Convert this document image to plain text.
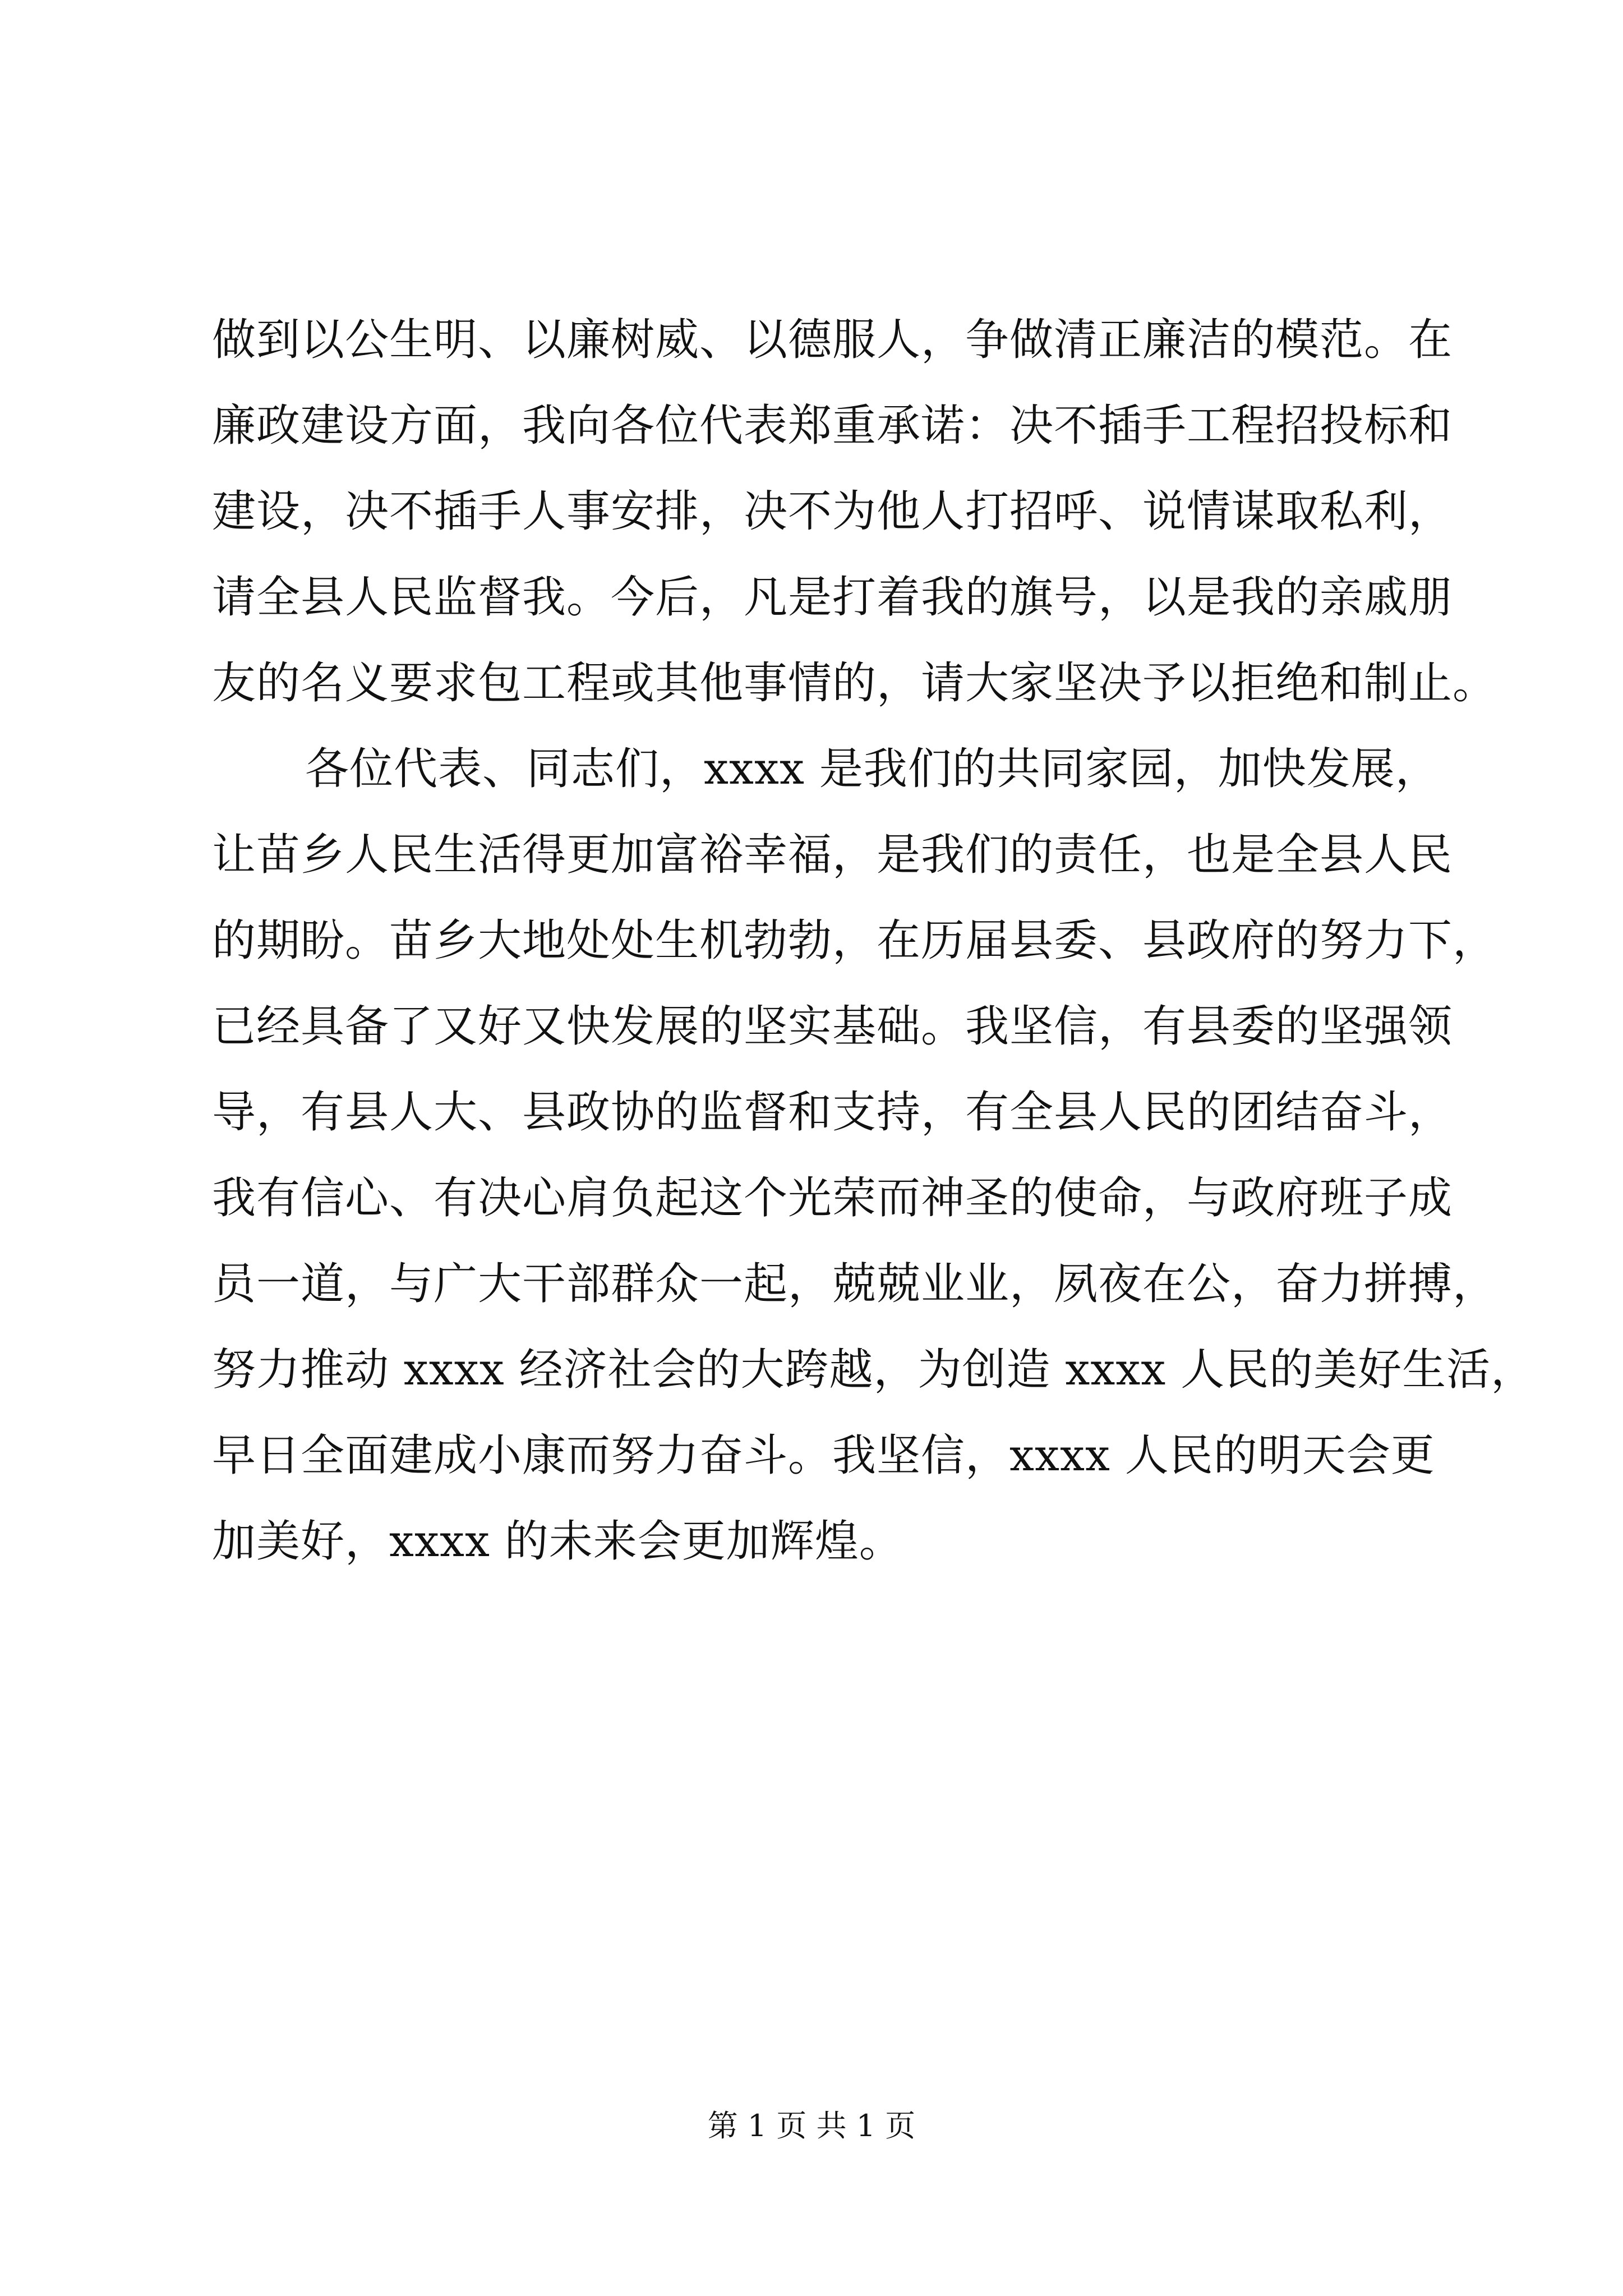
做到以公生明、以廉树威、以德服人，争做清正廉洁的模范。在
廉政建设方面，我向各位代表郑重承诺：决不插手工程招投标和
建设，决不插手人事安排，决不为他人打招呼、说情谋取私利，
请全县人民监督我。今后，凡是打着我的旗号，以是我的亲戚朋
友的名义要求包工程或其他事情的，请大家坚决予以拒绝和制止。
各位代表、同志们，xxxx 是我们的共同家园，加快发展，
让苗乡人民生活得更加富裕幸福，是我们的责任，也是全县人民
的期盼。苗乡大地处处生机勃勃，在历届县委、县政府的努力下，
已经具备了又好又快发展的坚实基础。我坚信，有县委的坚强领
导，有县人大、县政协的监督和支持，有全县人民的团结奋斗，
我有信心、有决心肩负起这个光荣而神圣的使命，与政府班子成
员一道，与广大干部群众一起，兢兢业业，夙夜在公，奋力拼搏，
努力推动 xxxx 经济社会的大跨越，为创造 xxxx 人民的美好生活，
早日全面建成小康而努力奋斗。我坚信，xxxx 人民的明天会更
加美好，xxxx 的未来会更加辉煌。
第 1 页 共 1 页
